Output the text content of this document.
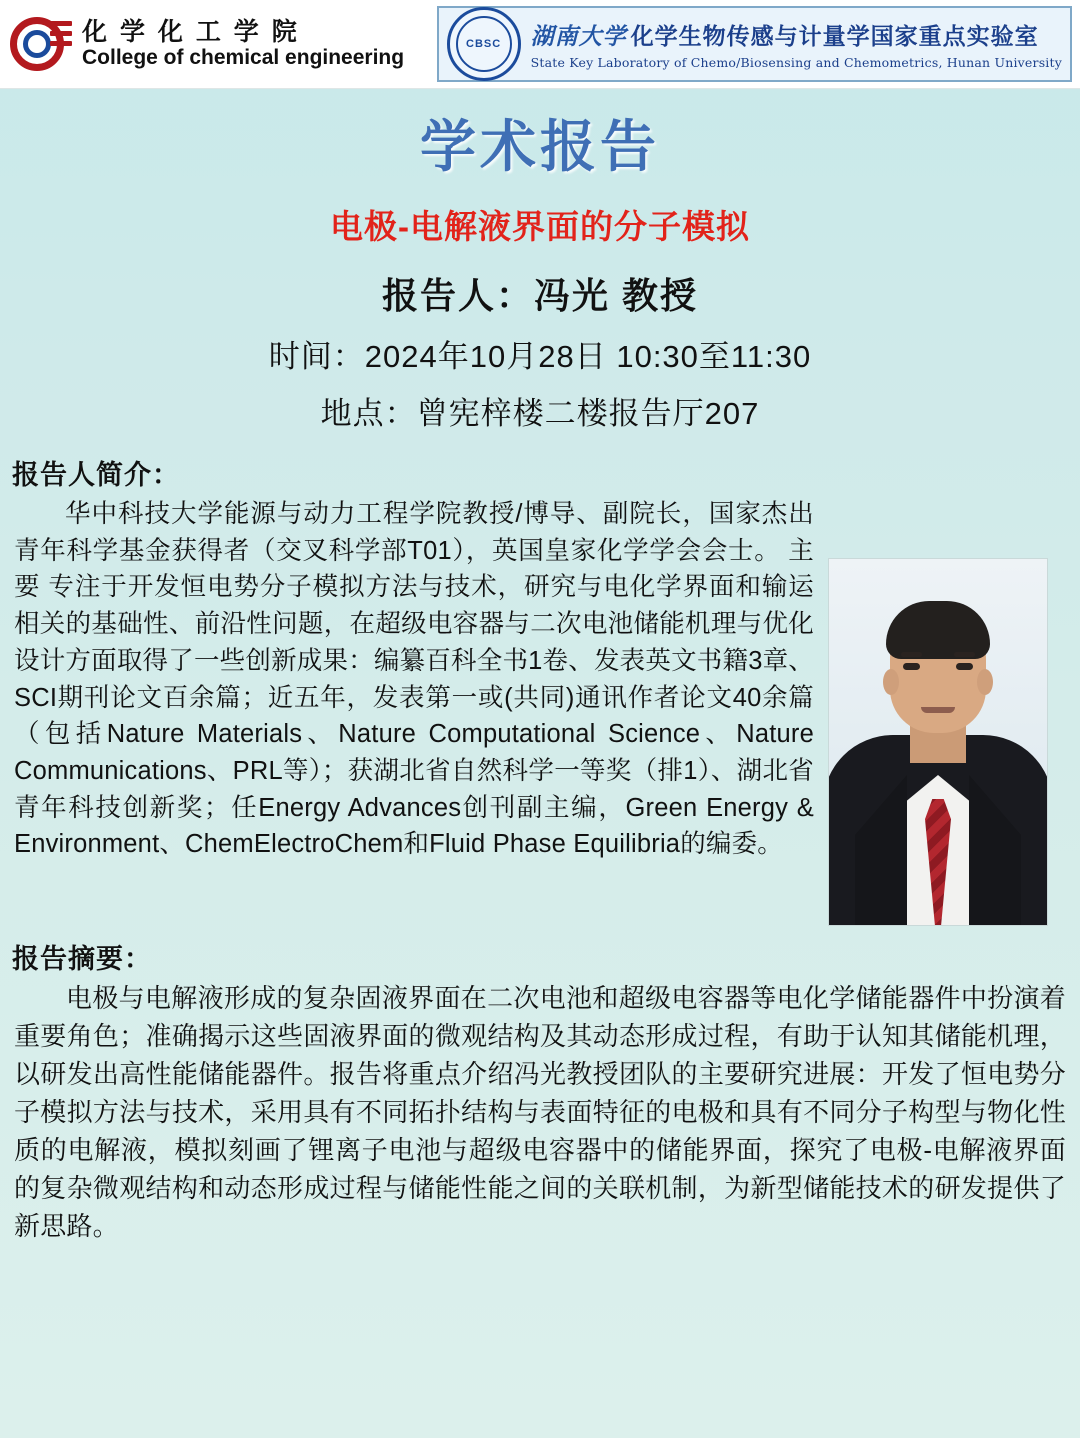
化 学 化 工 学 院
College of chemical engineering
CBSC	湖南大学 化学生物传感与计量学国家重点实验室
State Key Laboratory of Chemo/Biosensing and Chemometrics, Hunan University
学术报告
电极-电解液界面的分子模拟
报告人：冯光 教授
时间：2024年10月28日 10:30至11:30
地点：曾宪梓楼二楼报告厅207
报告人简介：
华中科技大学能源与动力工程学院教授/博导、副院长，国家杰出青年科学基金获得者（交叉科学部T01），英国皇家化学学会会士。 主 要 专注于开发恒电势分子模拟方法与技术，研究与电化学界面和输运相关的基础性、前沿性问题，在超级电容器与二次电池储能机理与优化设计方面取得了一些创新成果：编纂百科全书1卷、发表英文书籍3章、SCI期刊论文百余篇；近五年，发表第一或(共同)通讯作者论文40余篇（包括Nature Materials、Nature Computational Science、Nature Communications、PRL等）；获湖北省自然科学一等奖（排1）、湖北省青年科技创新奖；任Energy Advances创刊副主编，Green Energy & Environment、ChemElectroChem和Fluid Phase Equilibria的编委。
报告摘要：
电极与电解液形成的复杂固液界面在二次电池和超级电容器等电化学储能器件中扮演着重要角色；准确揭示这些固液界面的微观结构及其动态形成过程，有助于认知其储能机理，以研发出高性能储能器件。报告将重点介绍冯光教授团队的主要研究进展：开发了恒电势分子模拟方法与技术，采用具有不同拓扑结构与表面特征的电极和具有不同分子构型与物化性质的电解液，模拟刻画了锂离子电池与超级电容器中的储能界面，探究了电极-电解液界面的复杂微观结构和动态形成过程与储能性能之间的关联机制，为新型储能技术的研发提供了新思路。
